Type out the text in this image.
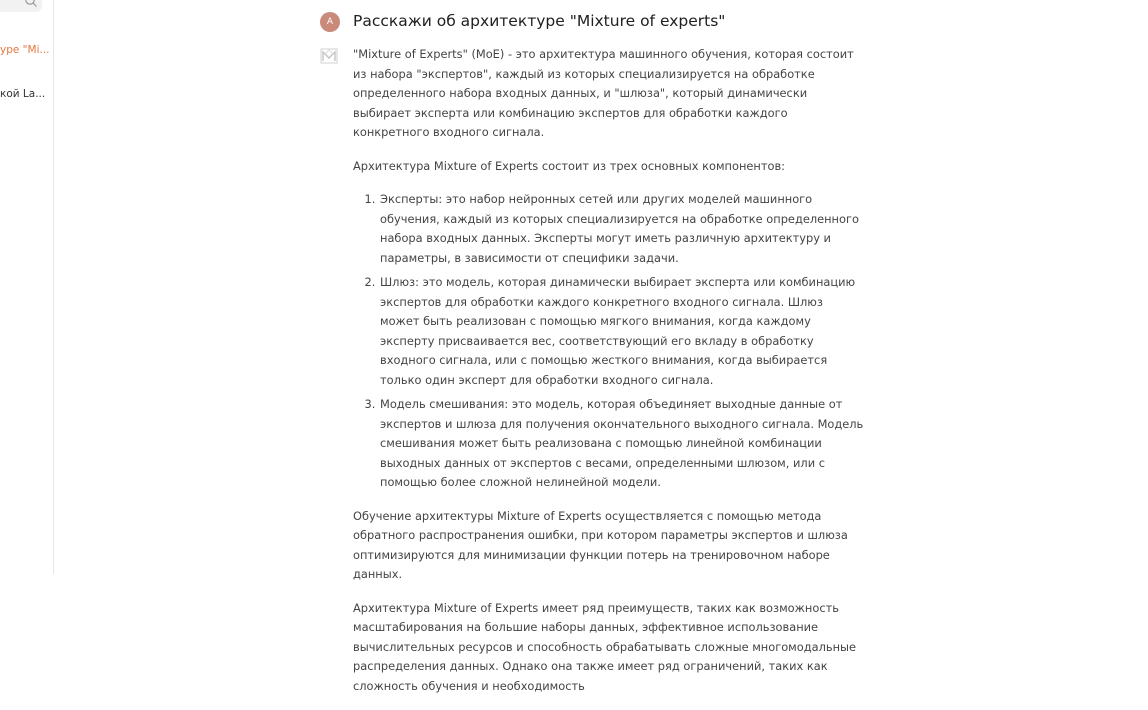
уре "Mi...
кой La...
A	Расскажи об архитектуре "Mixture of experts"

"Mixture of Experts" (MoE) - это архитектура машинного обучения, которая состоит из набора "экспертов", каждый из которых специализируется на обработке определенного набора входных данных, и "шлюза", который динамически выбирает эксперта или комбинацию экспертов для обработки каждого конкретного входного сигнала.

Архитектура Mixture of Experts состоит из трех основных компонентов:

1. Эксперты: это набор нейронных сетей или других моделей машинного обучения, каждый из которых специализируется на обработке определенного набора входных данных. Эксперты могут иметь различную архитектуру и параметры, в зависимости от специфики задачи.
2. Шлюз: это модель, которая динамически выбирает эксперта или комбинацию экспертов для обработки каждого конкретного входного сигнала. Шлюз может быть реализован с помощью мягкого внимания, когда каждому эксперту присваивается вес, соответствующий его вкладу в обработку входного сигнала, или с помощью жесткого внимания, когда выбирается только один эксперт для обработки входного сигнала.
3. Модель смешивания: это модель, которая объединяет выходные данные от экспертов и шлюза для получения окончательного выходного сигнала. Модель смешивания может быть реализована с помощью линейной комбинации выходных данных от экспертов с весами, определенными шлюзом, или с помощью более сложной нелинейной модели.

Обучение архитектуры Mixture of Experts осуществляется с помощью метода обратного распространения ошибки, при котором параметры экспертов и шлюза оптимизируются для минимизации функции потерь на тренировочном наборе данных.

Архитектура Mixture of Experts имеет ряд преимуществ, таких как возможность масштабирования на большие наборы данных, эффективное использование вычислительных ресурсов и способность обрабатывать сложные многомодальные распределения данных. Однако она также имеет ряд ограничений, таких как сложность обучения и необходимость
